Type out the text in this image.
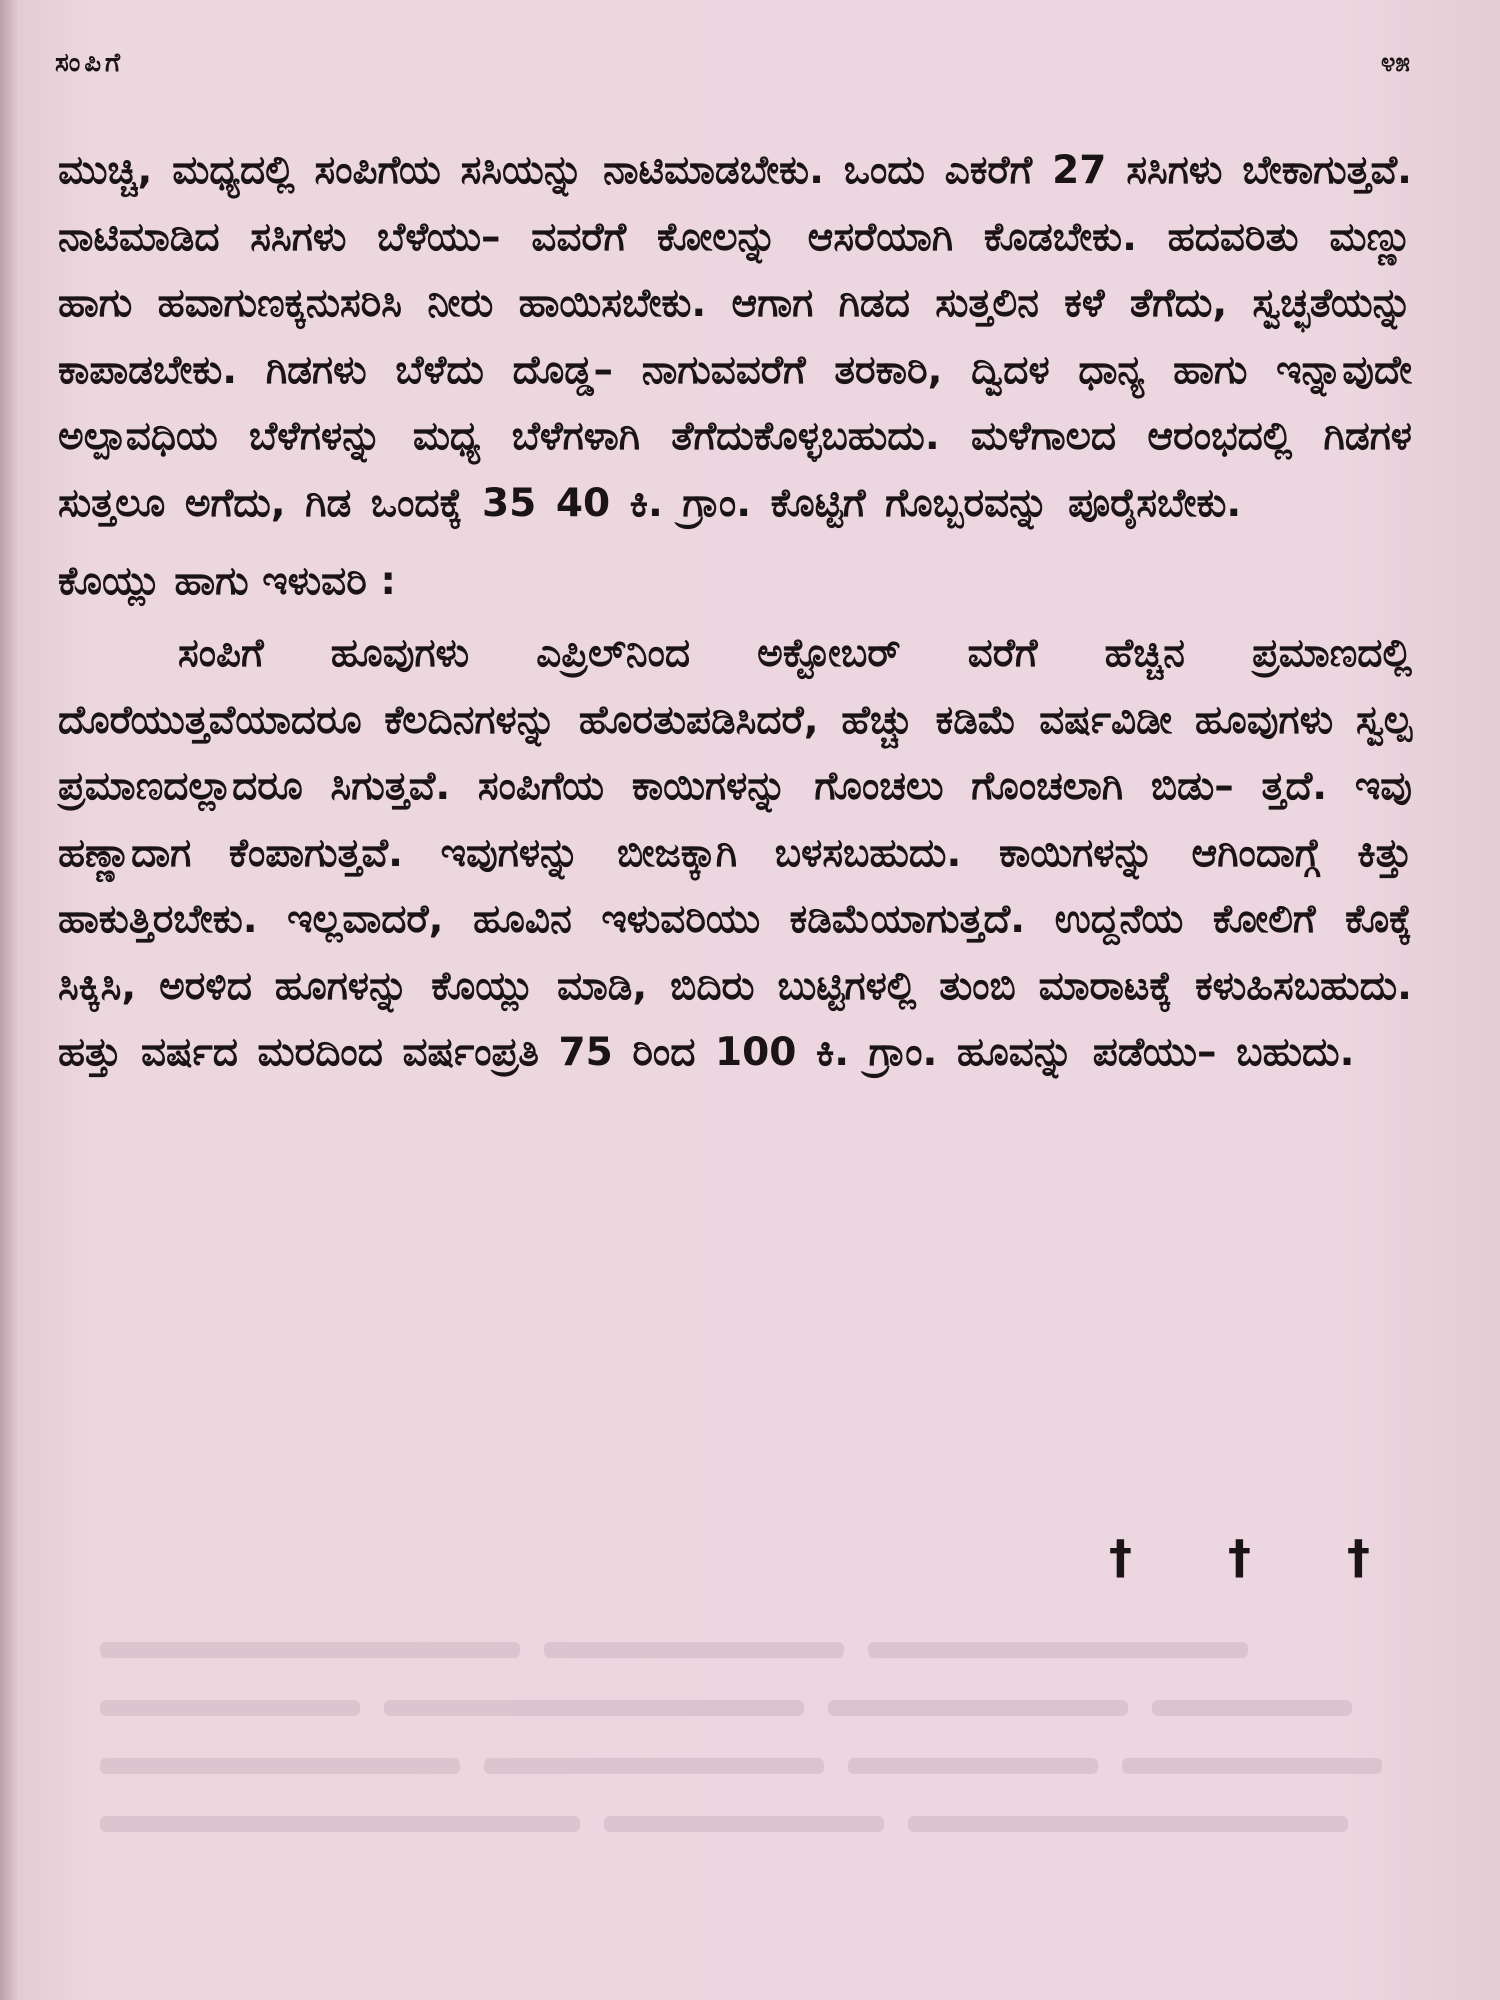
ಸಂಪಿಗೆ	೪೫

ಮುಚ್ಚಿ, ಮಧ್ಯದಲ್ಲಿ ಸಂಪಿಗೆಯ ಸಸಿಯನ್ನು ನಾಟಿಮಾಡಬೇಕು. ಒಂದು ಎಕರೆಗೆ 27 ಸಸಿಗಳು ಬೇಕಾಗುತ್ತವೆ. ನಾಟಿಮಾಡಿದ ಸಸಿಗಳು ಬೆಳೆಯು– ವವರೆಗೆ ಕೋಲನ್ನು ಆಸರೆಯಾಗಿ ಕೊಡಬೇಕು. ಹದವರಿತು ಮಣ್ಣು ಹಾಗು ಹವಾಗುಣಕ್ಕನುಸರಿಸಿ ನೀರು ಹಾಯಿಸಬೇಕು. ಆಗಾಗ ಗಿಡದ ಸುತ್ತಲಿನ ಕಳೆ ತೆಗೆದು, ಸ್ವಚ್ಛತೆಯನ್ನು ಕಾಪಾಡಬೇಕು. ಗಿಡಗಳು ಬೆಳೆದು ದೊಡ್ಡ– ನಾಗುವವರೆಗೆ ತರಕಾರಿ, ದ್ವಿದಳ ಧಾನ್ಯ ಹಾಗು ಇನ್ನಾವುದೇ ಅಲ್ಪಾವಧಿಯ ಬೆಳೆಗಳನ್ನು ಮಧ್ಯ ಬೆಳೆಗಳಾಗಿ ತೆಗೆದುಕೊಳ್ಳಬಹುದು. ಮಳೆಗಾಲದ ಆರಂಭದಲ್ಲಿ ಗಿಡಗಳ ಸುತ್ತಲೂ ಅಗೆದು, ಗಿಡ ಒಂದಕ್ಕೆ 35 40 ಕಿ. ಗ್ರಾಂ. ಕೊಟ್ಟಿಗೆ ಗೊಬ್ಬರವನ್ನು ಪೂರೈಸಬೇಕು.

ಕೊಯ್ಲು ಹಾಗು ಇಳುವರಿ :

ಸಂಪಿಗೆ ಹೂವುಗಳು ಎಪ್ರಿಲ್‌ನಿಂದ ಅಕ್ಟೋಬರ್ ವರೆಗೆ ಹೆಚ್ಚಿನ ಪ್ರಮಾಣದಲ್ಲಿ ದೊರೆಯುತ್ತವೆಯಾದರೂ ಕೆಲದಿನಗಳನ್ನು ಹೊರತುಪಡಿಸಿದರೆ, ಹೆಚ್ಚು ಕಡಿಮೆ ವರ್ಷವಿಡೀ ಹೂವುಗಳು ಸ್ವಲ್ಪ ಪ್ರಮಾಣದಲ್ಲಾದರೂ ಸಿಗುತ್ತವೆ. ಸಂಪಿಗೆಯ ಕಾಯಿಗಳನ್ನು ಗೊಂಚಲು ಗೊಂಚಲಾಗಿ ಬಿಡು– ತ್ತದೆ. ಇವು ಹಣ್ಣಾದಾಗ ಕೆಂಪಾಗುತ್ತವೆ. ಇವುಗಳನ್ನು ಬೀಜಕ್ಕಾಗಿ ಬಳಸಬಹುದು. ಕಾಯಿಗಳನ್ನು ಆಗಿಂದಾಗ್ಗೆ ಕಿತ್ತು ಹಾಕುತ್ತಿರಬೇಕು. ಇಲ್ಲವಾದರೆ, ಹೂವಿನ ಇಳುವರಿಯು ಕಡಿಮೆಯಾಗುತ್ತದೆ. ಉದ್ದನೆಯ ಕೋಲಿಗೆ ಕೊಕ್ಕೆ ಸಿಕ್ಕಿಸಿ, ಅರಳಿದ ಹೂಗಳನ್ನು ಕೊಯ್ಲು ಮಾಡಿ, ಬಿದಿರು ಬುಟ್ಟಿಗಳಲ್ಲಿ ತುಂಬಿ ಮಾರಾಟಕ್ಕೆ ಕಳುಹಿಸಬಹುದು. ಹತ್ತು ವರ್ಷದ ಮರದಿಂದ ವರ್ಷಂಪ್ರತಿ 75 ರಿಂದ 100 ಕಿ. ಗ್ರಾಂ. ಹೂವನ್ನು ಪಡೆಯು– ಬಹುದು.

† † †
